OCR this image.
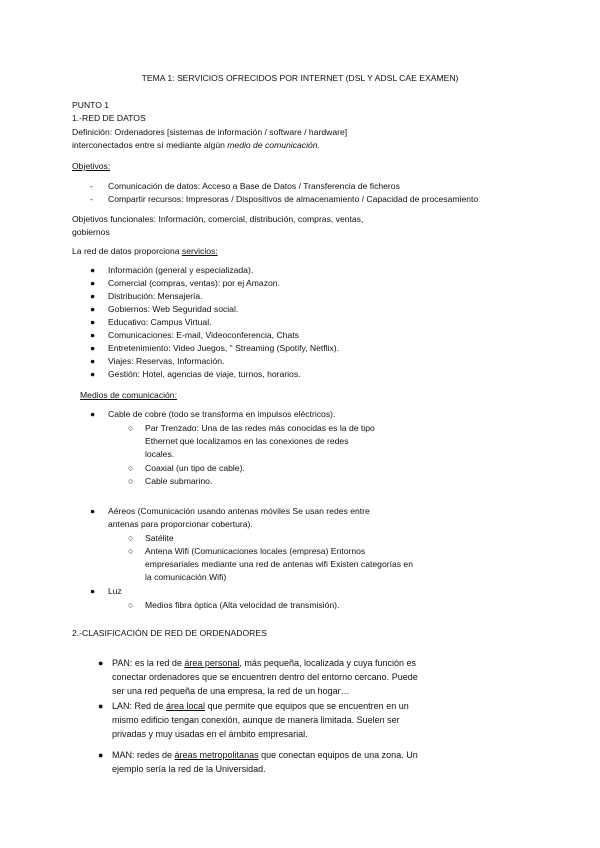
TEMA 1: SERVICIOS OFRECIDOS POR INTERNET (DSL Y ADSL CAE EXAMEN)
PUNTO 1
1.-RED DE DATOS
Definición: Ordenadores [sistemas de información / software / hardware]
interconectados entre sí mediante algún medio de comunicación.
Objetivos:
- Comunicación de datos: Acceso a Base de Datos / Transferencia de ficheros
- Compartir recursos: Impresoras / Dispositivos de almacenamiento / Capacidad de procesamiento
Objetivos funcionales: Información, comercial, distribución, compras, ventas,
gobiernos
La red de datos proporciona servicios:
● Información (general y especializada).
● Comercial (compras, ventas): por ej Amazon.
● Distribución: Mensajería.
● Gobiernos: Web Seguridad social.
● Educativo: Campus Virtual.
● Comunicaciones: E-mail, Videoconferencia, Chats
● Entretenimiento: Video Juegos, " Streaming (Spotify, Netflix).
● Viajes: Reservas, Información.
● Gestión: Hotel, agencias de viaje, turnos, horarios.
Medios de comunicación:
● Cable de cobre (todo se transforma en impulsos eléctricos).
○ Par Trenzado: Una de las redes más conocidas es la de tipo
Ethernet que localizamos en las conexiones de redes
locales.
○ Coaxial (un tipo de cable).
○ Cable submarino.
● Aéreos (Comunicación usando antenas móviles Se usan redes entre
antenas para proporcionar cobertura).
○ Satélite
○ Antena Wifi (Comunicaciones locales (empresa) Entornos
empresariales mediante una red de antenas wifi Existen categorías en
la comunicación Wifi)
● Luz
○ Medios fibra óptica (Alta velocidad de transmisión).
2.-CLASIFICACIÓN DE RED DE ORDENADORES
● PAN: es la red de área personal, más pequeña, localizada y cuya función es
conectar ordenadores que se encuentren dentro del entorno cercano. Puede
ser una red pequeña de una empresa, la red de un hogar…
● LAN: Red de área local que permite que equipos que se encuentren en un
mismo edificio tengan conexión, aunque de manera limitada. Suelen ser
privadas y muy usadas en el ámbito empresarial.
● MAN: redes de áreas metropolitanas que conectan equipos de una zona. Un
ejemplo sería la red de la Universidad.
